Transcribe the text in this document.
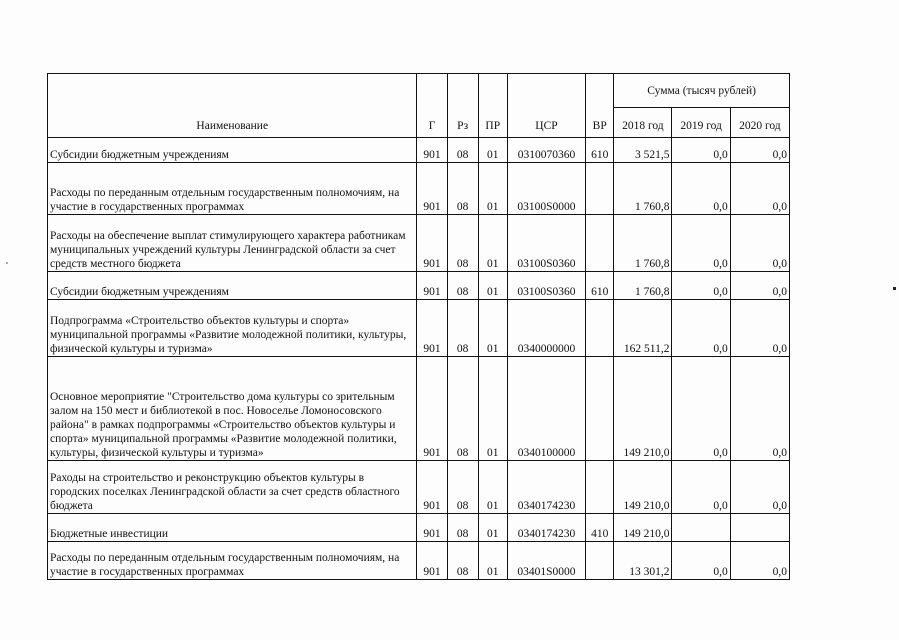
Наименование	Г	Рз	ПР	ЦСР	ВР	Сумма (тысяч рублей)		
						2018 год	2019 год	2020 год
Субсидии бюджетным учреждениям	901	08	01	0310070360	610	3 521,5	0,0	0,0
Расходы по переданным отдельным государственным полномочиям, на участие в государственных программах	901	08	01	03100S0000		1 760,8	0,0	0,0
Расходы на обеспечение выплат стимулирующего характера работникам муниципальных учреждений культуры Ленинградской области за счет средств местного бюджета	901	08	01	03100S0360		1 760,8	0,0	0,0
Субсидии бюджетным учреждениям	901	08	01	03100S0360	610	1 760,8	0,0	0,0
Подпрограмма «Строительство объектов культуры и спорта» муниципальной программы «Развитие молодежной политики, культуры, физической культуры и туризма»	901	08	01	0340000000		162 511,2	0,0	0,0
Основное мероприятие "Строительство дома культуры со зрительным залом на 150 мест и библиотекой в пос. Новоселье Ломоносовского района" в рамках подпрограммы «Строительство объектов культуры и спорта» муниципальной программы «Развитие молодежной политики, культуры, физической культуры и туризма»	901	08	01	0340100000		149 210,0	0,0	0,0
Раходы на строительство и реконструкцию объектов культуры в городских поселках Ленинградской области за счет средств областного бюджета	901	08	01	0340174230		149 210,0	0,0	0,0
Бюджетные инвестиции	901	08	01	0340174230	410	149 210,0		
Расходы по переданным отдельным государственным полномочиям, на участие в государственных программах	901	08	01	03401S0000		13 301,2	0,0	0,0
